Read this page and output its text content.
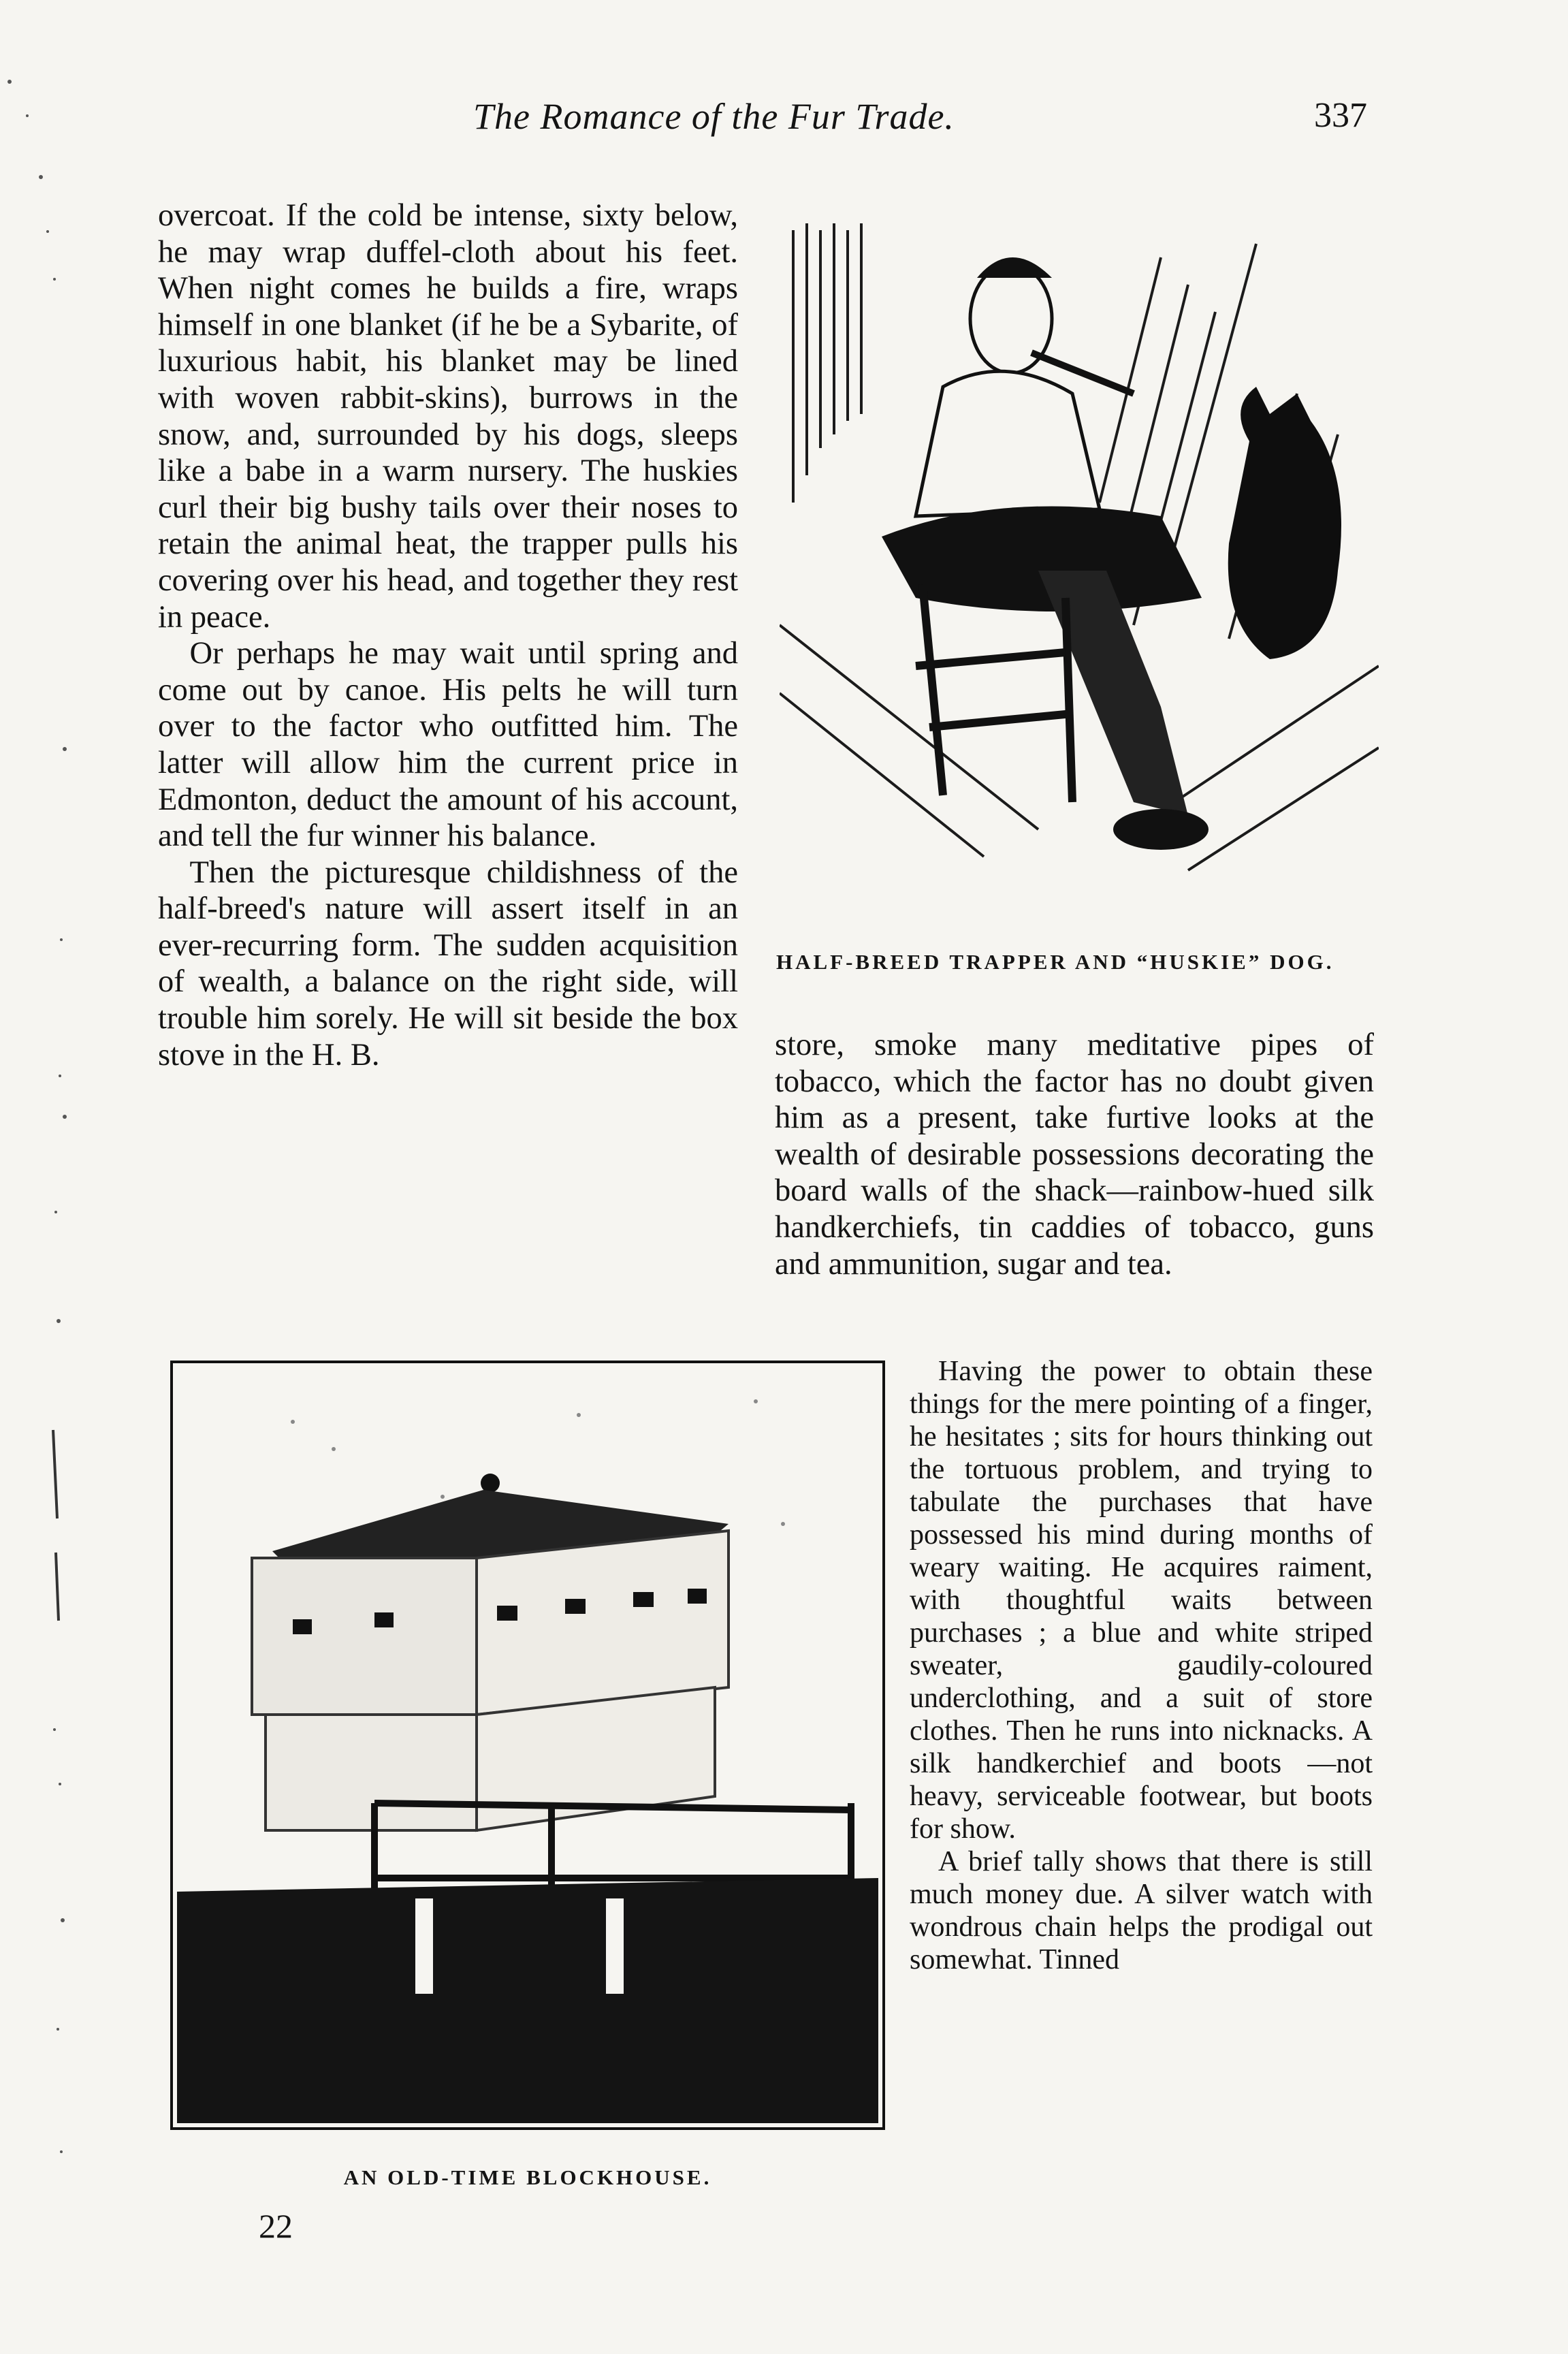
The Romance of the Fur Trade.	337

overcoat. If the cold be intense, sixty below, he may wrap duffel-cloth about his feet. When night comes he builds a fire, wraps himself in one blanket (if he be a Sybarite, of luxurious habit, his blanket may be lined with woven rabbit-skins), burrows in the snow, and, surrounded by his dogs, sleeps like a babe in a warm nursery. The huskies curl their big bushy tails over their noses to retain the animal heat, the trapper pulls his covering over his head, and together they rest in peace.

Or perhaps he may wait until spring and come out by canoe. His pelts he will turn over to the factor who outfitted him. The latter will allow him the current price in Edmonton, deduct the amount of his account, and tell the fur winner his balance.

Then the picturesque childishness of the half-breed's nature will assert itself in an ever-recurring form. The sudden acquisition of wealth, a balance on the right side, will trouble him sorely. He will sit beside the box stove in the H. B.

HALF-BREED TRAPPER AND “HUSKIE” DOG.

store, smoke many meditative pipes of tobacco, which the factor has no doubt given him as a present, take furtive looks at the wealth of desirable possessions decorating the board walls of the shack—rainbow-hued silk handkerchiefs, tin caddies of tobacco, guns and ammunition, sugar and tea.

AN OLD-TIME BLOCKHOUSE.

Having the power to obtain these things for the mere pointing of a finger, he hesitates ; sits for hours thinking out the tortuous problem, and trying to tabulate the purchases that have possessed his mind during months of weary waiting. He acquires raiment, with thoughtful waits between purchases ; a blue and white striped sweater, gaudily-coloured underclothing, and a suit of store clothes. Then he runs into nicknacks. A silk handkerchief and boots —not heavy, serviceable footwear, but boots for show.

A brief tally shows that there is still much money due. A silver watch with wondrous chain helps the prodigal out somewhat. Tinned

22
